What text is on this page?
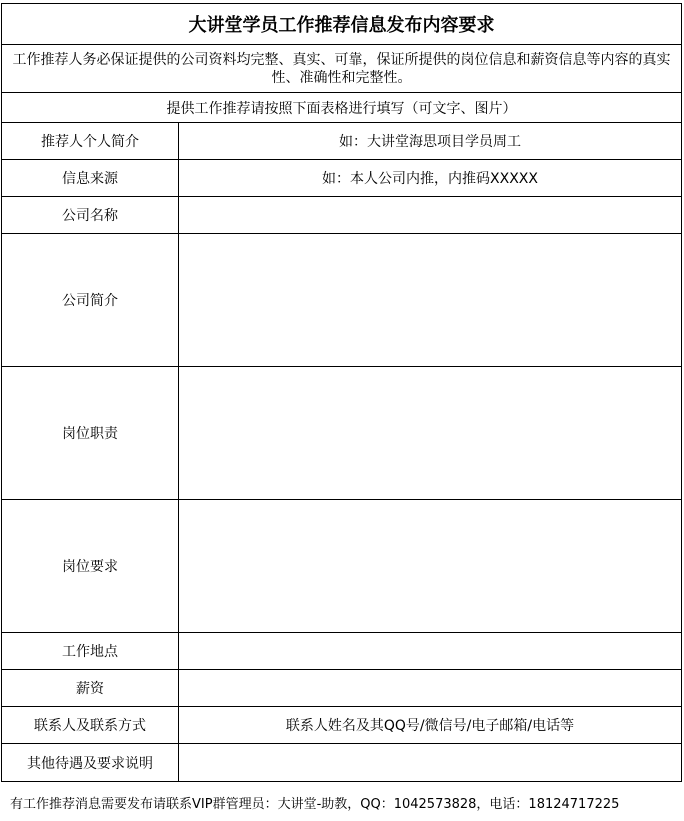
大讲堂学员工作推荐信息发布内容要求
工作推荐人务必保证提供的公司资料均完整、真实、可靠，保证所提供的岗位信息和薪资信息等内容的真实性、准确性和完整性。
提供工作推荐请按照下面表格进行填写（可文字、图片）
推荐人个人简介	如：大讲堂海思项目学员周工
信息来源	如：本人公司内推，内推码XXXXX
公司名称
公司简介
岗位职责
岗位要求
工作地点
薪资
联系人及联系方式	联系人姓名及其QQ号/微信号/电子邮箱/电话等
其他待遇及要求说明
有工作推荐消息需要发布请联系VIP群管理员：大讲堂-助教，QQ：1042573828，电话：18124717225
